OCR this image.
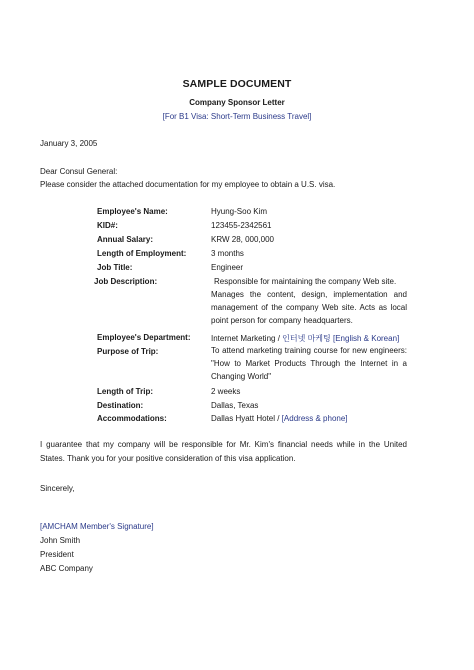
SAMPLE DOCUMENT
Company Sponsor Letter
[For B1 Visa: Short-Term Business Travel]
January 3, 2005
Dear Consul General:
Please consider the attached documentation for my employee to obtain a U.S. visa.
Employee's Name:	Hyung-Soo Kim
KID#:	123455-2342561
Annual Salary:	KRW 28, 000,000
Length of Employment:	3 months
Job Title:	Engineer
Job Description:	Responsible for maintaining the company Web site.
Manages the content, design, implementation and management of the company Web site. Acts as local point person for company headquarters.
Employee's Department:	Internet Marketing / 인터넷 마케팅 [English & Korean]
Purpose of Trip:	To attend marketing training course for new engineers: "How to Market Products Through the Internet in a Changing World"
Length of Trip:	2 weeks
Destination:	Dallas, Texas
Accommodations:	Dallas Hyatt Hotel / [Address & phone]
I guarantee that my company will be responsible for Mr. Kim's financial needs while in the United States. Thank you for your positive consideration of this visa application.
Sincerely,
[AMCHAM Member's Signature]
John Smith
President
ABC Company
